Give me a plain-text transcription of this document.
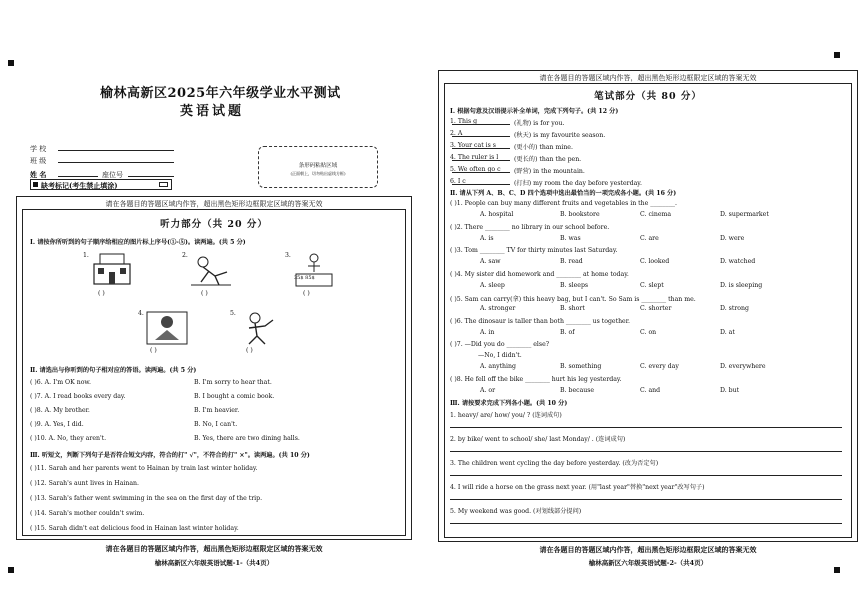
榆林高新区2025年六年级学业水平测试
英语试题
学 校
班 级
姓 名	座位号
缺考标记(考生禁止填涂)
条形码粘贴区域
(正面朝上，切勿贴出虚线方框)
请在各题目的答题区域内作答，超出黑色矩形边框限定区域的答案无效
听力部分（共 20 分）
Ⅰ. 请按你所听到的句子顺序给相应的图片标上序号(①-⑤)。读两遍。(共 5 分)
1.
( )
2.
( )
3.
35$ 85$
( )
4.
( )
5.
( )
Ⅱ. 请选出与你听到的句子相对应的答语。读两遍。(共 5 分)
( )6. A. I'm OK now.	B. I'm sorry to hear that.
( )7. A. I read books every day.	B. I bought a comic book.
( )8. A. My brother.	B. I'm heavier.
( )9. A. Yes, I did.	B. No, I can't.
( )10. A. No, they aren't.	B. Yes, there are two dining halls.
Ⅲ. 听短文，判断下列句子是否符合短文内容，符合的打" √"，不符合的打" ×"。读两遍。(共 10 分)
( )11. Sarah and her parents went to Hainan by train last winter holiday.
( )12. Sarah's aunt lives in Hainan.
( )13. Sarah's father went swimming in the sea on the first day of the trip.
( )14. Sarah's mother couldn't swim.
( )15. Sarah didn't eat delicious food in Hainan last winter holiday.
请在各题目的答题区域内作答，超出黑色矩形边框限定区域的答案无效
榆林高新区六年级英语试题-1-（共4页）
请在各题目的答题区域内作答，超出黑色矩形边框限定区域的答案无效
笔试部分（共 80 分）
Ⅰ. 根据句意及汉语提示补全单词，完成下列句子。(共 12 分)
Ⅱ. 请从下列 A、B、C、D 四个选项中选出最恰当的一项完成各小题。(共 16 分)
Ⅲ. 请按要求完成下列各小题。(共 10 分)
请在各题目的答题区域内作答，超出黑色矩形边框限定区域的答案无效
榆林高新区六年级英语试题-2-（共4页）
1. This g	(礼物) is for you.
2. A	(秋天) is my favourite season.
3. Your cat is s	(更小的) than mine.
4. The ruler is l	(更长的) than the pen.
5. We often go c (野营) in the mountain.
6. I c	(打扫) my room the day before yesterday.
( )1. People can buy many different fruits and vegetables in the ________.
A. hospital	B. bookstore	C. cinema	D. supermarket
( )2. There ________ no library in our school before.
A. is	B. was	C. are	D. were
( )3. Tom ________ TV for thirty minutes last Saturday.
A. saw	B. read	C. looked	D. watched
( )4. My sister did homework and ________ at home today.
A. sleep	B. sleeps	C. slept	D. is sleeping
( )5. Sam can carry(拿) this heavy bag, but I can't. So Sam is ________ than me.
A. stronger	B. short	C. shorter	D. strong
( )6. The dinosaur is taller than both ________ us together.
A. in	B. of	C. on	D. at
( )7. —Did you do ________ else?
—No, I didn't.
A. anything	B. something	C. every day	D. everywhere
( )8. He fell off the bike ________ hurt his leg yesterday.
A. or	B. because	C. and	D. but
1. heavy/ are/ how/ you/ ? (连词成句)
2. by bike/ went to school/ she/ last Monday/ . (连词成句)
3. The children went cycling the day before yesterday. (改为否定句)
4. I will ride a horse on the grass next year. (用"last year"替换"next year"改写句子)
5. My weekend was good. (对划线部分提问)
